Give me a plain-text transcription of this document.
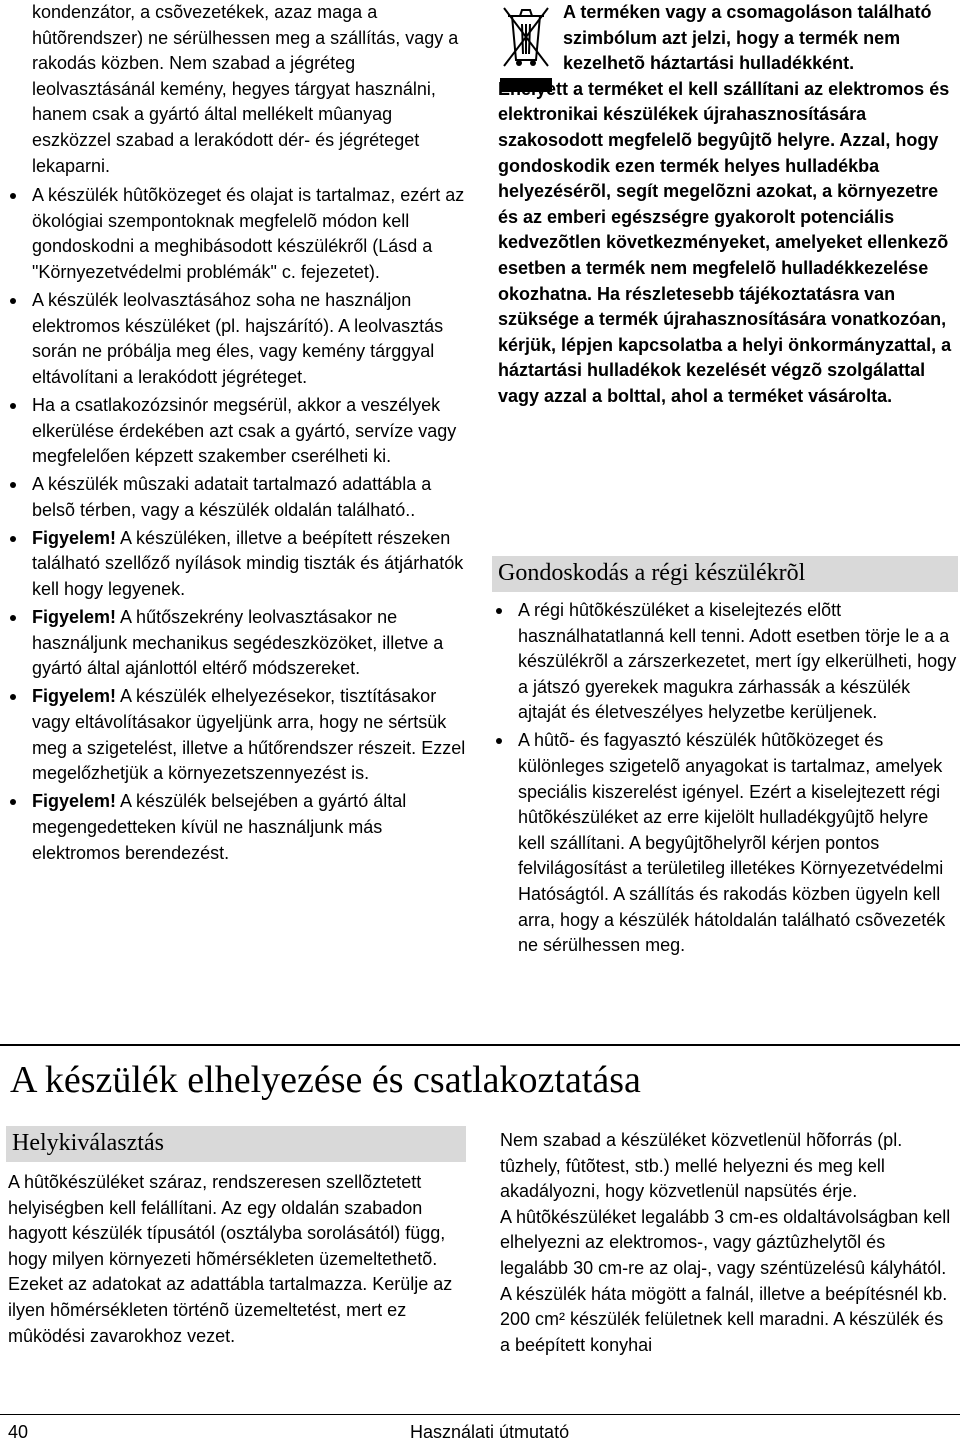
kondenzátor, a csõvezetékek, azaz maga a hûtõrendszer) ne sérülhessen meg a szállítás, vagy a rakodás közben. Nem szabad a jégréteg leolvasztásánál kemény, hegyes tárgyat használni, hanem csak a gyártó által mellékelt mûanyag eszközzel szabad a lerakódott dér- és jégréteget lekaparni.

A készülék hûtõközeget és olajat is tartalmaz, ezért az ökológiai szempontoknak megfelelõ módon kell gondoskodni a meghibásodott készülékről (Lásd a "Környezetvédelmi problémák" c. fejezetet).
A készülék leolvasztásához soha ne használjon elektromos készüléket (pl. hajszárító). A leolvasztás során ne próbálja meg éles, vagy kemény tárggyal eltávolítani a lerakódott jégréteget.
Ha a csatlakozózsinór megsérül, akkor a veszélyek elkerülése érdekében azt csak a gyártó, servíze vagy megfelelően képzett szakember cserélheti ki.
A készülék mûszaki adatait tartalmazó adattábla a belsõ térben, vagy a készülék oldalán található..
Figyelem! A készüléken, illetve a beépített részeken található szellőző nyílások mindig tiszták és átjárhatók kell hogy legyenek.
Figyelem! A hűtőszekrény leolvasztásakor ne használjunk mechanikus segédeszközöket, illetve a gyártó által ajánlottól eltérő módszereket.
Figyelem! A készülék elhelyezésekor, tisztításakor vagy eltávolításakor ügyeljünk arra, hogy ne sértsük meg a szigetelést, illetve a hűtőrendszer részeit. Ezzel megelőzhetjük a környezetszennyezést is.
Figyelem! A készülék belsejében a gyártó által megengedetteken kívül ne használjunk más elektromos berendezést.

A terméken vagy a csomagoláson található szimbólum azt jelzi, hogy a termék nem kezelhetõ háztartási hulladékként.

Ehelyett a terméket el kell szállítani az elektromos és elektronikai készülékek újrahasznosítására szakosodott megfelelõ begyûjtõ helyre. Azzal, hogy gondoskodik ezen termék helyes hulladékba helyezésérõl, segít megelõzni azokat, a környezetre és az emberi egészségre gyakorolt potenciális kedvezõtlen következményeket, amelyeket ellenkezõ esetben a termék nem megfelelõ hulladékkezelése okozhatna. Ha részletesebb tájékoztatásra van szüksége a termék újrahasznosítására vonatkozóan, kérjük, lépjen kapcsolatba a helyi önkormányzattal, a háztartási hulladékok kezelését végzõ szolgálattal vagy azzal a bolttal, ahol a terméket vásárolta.

Gondoskodás a régi készülékrõl
A régi hûtõkészüléket a kiselejtezés elõtt használhatatlanná kell tenni. Adott esetben törje le a a készülékrõl a zárszerkezetet, mert így elkerülheti, hogy a játszó gyerekek magukra zárhassák a készülék ajtaját és életveszélyes helyzetbe kerüljenek.
A hûtõ- és fagyasztó készülék hûtõközeget és különleges szigetelõ anyagokat is tartalmaz, amelyek speciális kiszerelést igényel. Ezért a kiselejtezett régi hûtõkészüléket az erre kijelölt hulladékgyûjtõ helyre kell szállítani. A begyûjtõhelyrõl kérjen pontos felvilágosítást a területileg illetékes Környezetvédelmi Hatóságtól. A szállítás és rakodás közben ügyeln kell arra, hogy a készülék hátoldalán található csõvezeték ne sérülhessen meg.
A készülék elhelyezése és csatlakoztatása
Helykiválasztás

A hûtõkészüléket száraz, rendszeresen szellõztetett helyiségben kell felállítani. Az egy oldalán szabadon hagyott készülék típusától (osztályba sorolásától) függ, hogy milyen környezeti hõmérsékleten üzemeltethetõ. Ezeket az adatokat az adattábla tartalmazza. Kerülje az ilyen hõmérsékleten történõ üzemeltetést, mert ez mûködési zavarokhoz vezet.

Nem szabad a készüléket közvetlenül hõforrás (pl. tûzhely, fûtõtest, stb.) mellé helyezni és meg kell akadályozni, hogy közvetlenül napsütés érje.

A hûtõkészüléket legalább 3 cm-es oldaltávolságban kell elhelyezni az elektromos-, vagy gáztûzhelytõl és legalább 30 cm-re az olaj-, vagy széntüzelésû kályhától.

A készülék háta mögött a falnál, illetve a beépítésnél kb. 200 cm² készülék felületnek kell maradni. A készülék és a beépített konyhai

40	Használati útmutató
